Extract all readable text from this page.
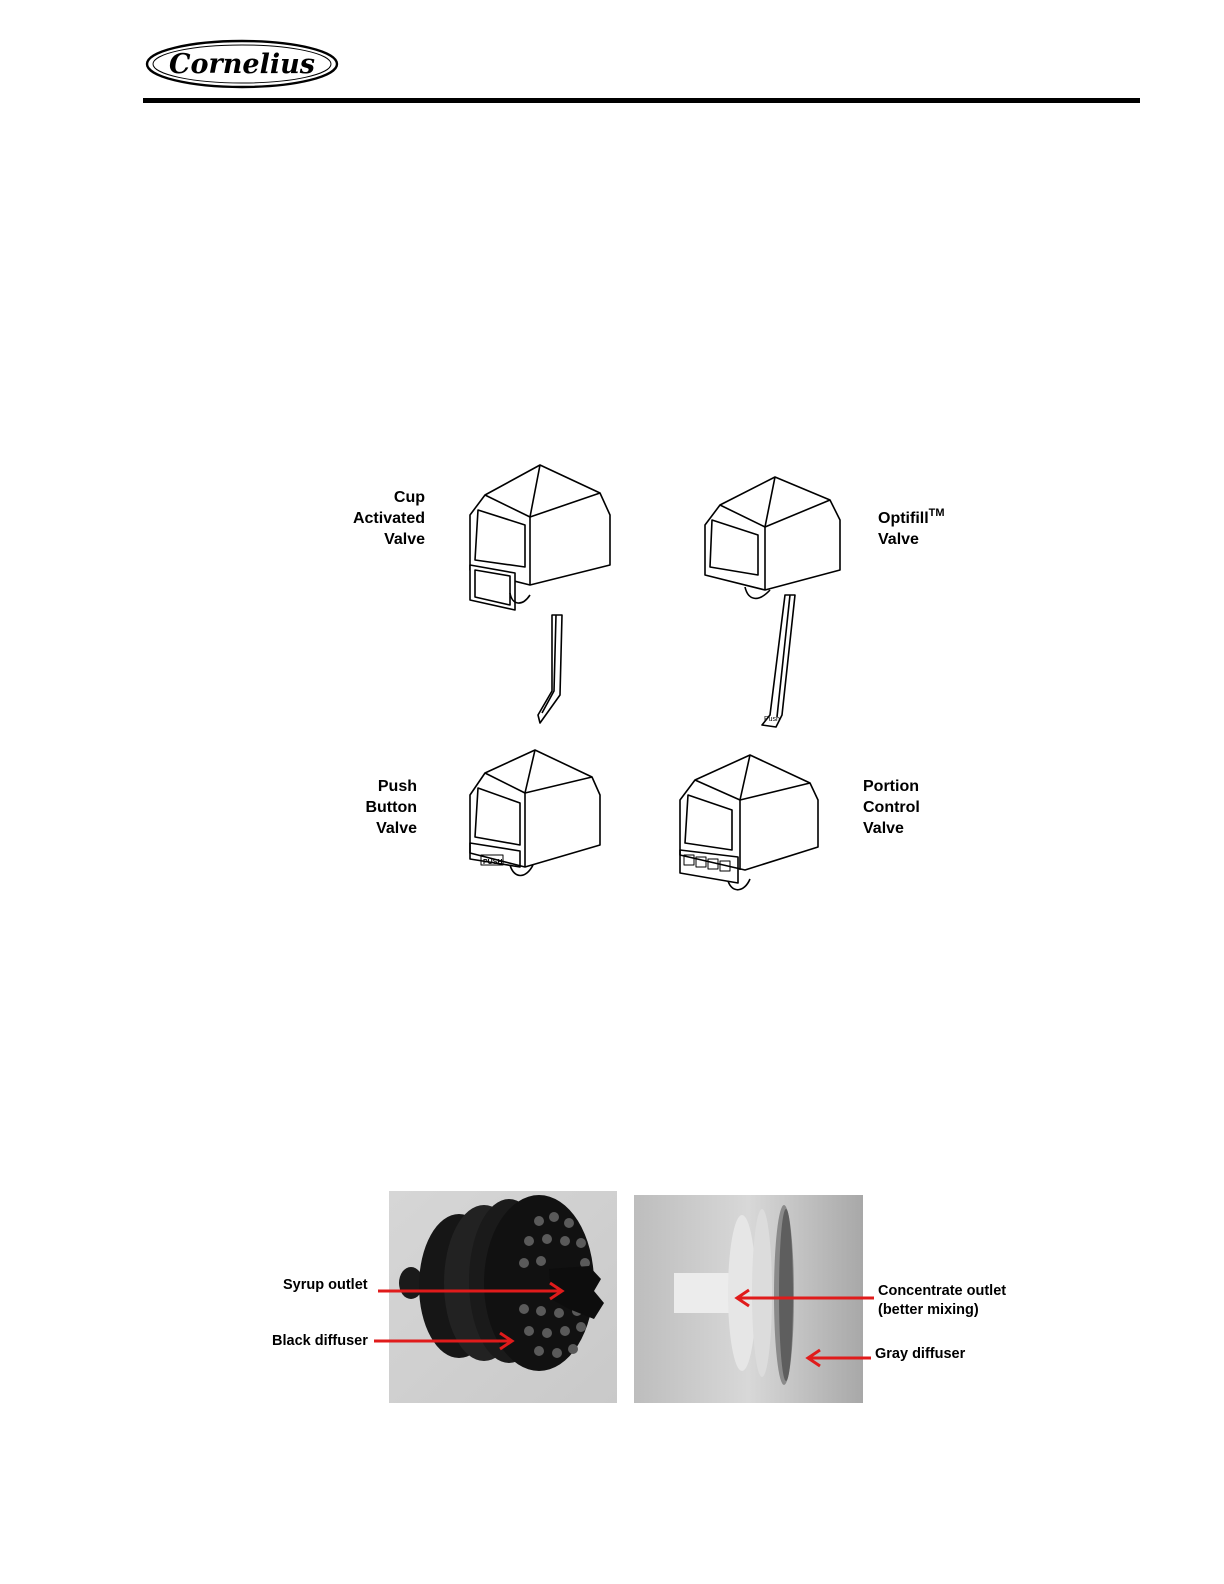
Cornelius
Push
PUSH
Cup
Activated
Valve
Optifill™
Valve
Push
Button
Valve
Portion
Control
Valve
Syrup outlet
Black diffuser
Concentrate outlet
(better mixing)
Gray diffuser
